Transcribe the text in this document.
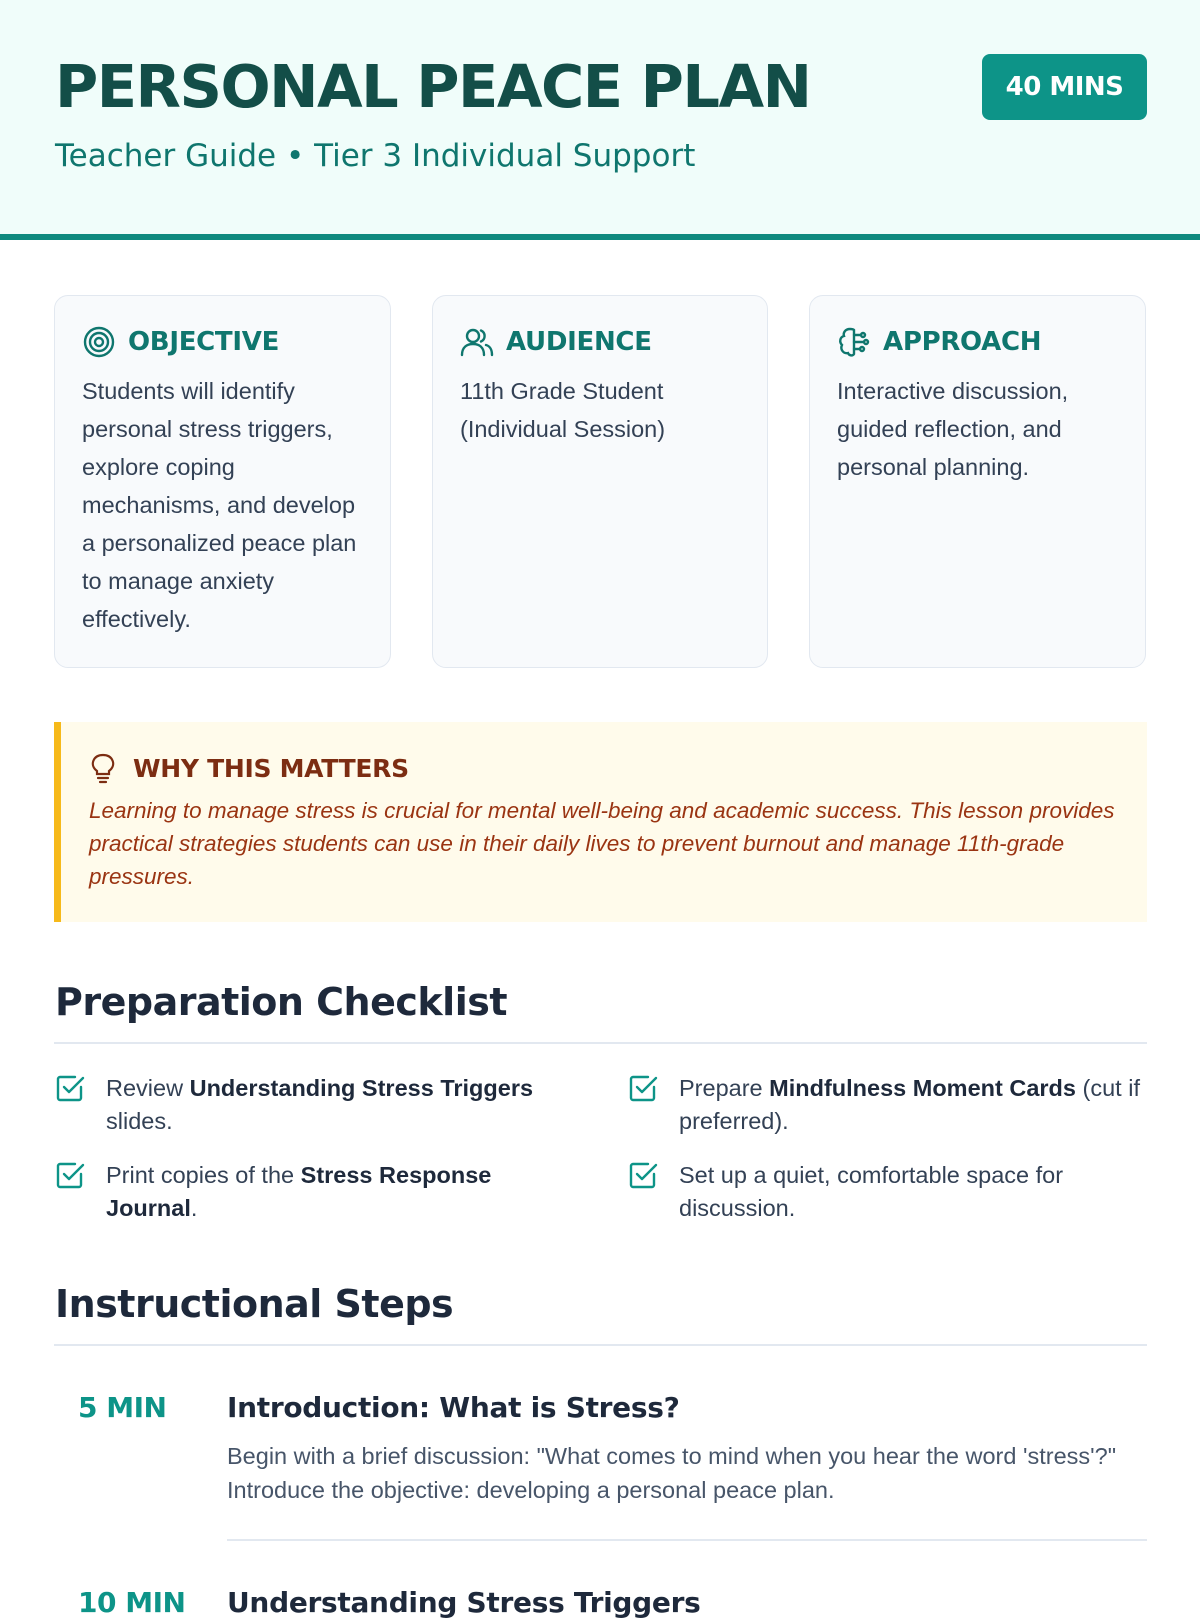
PERSONAL PEACE PLAN
Teacher Guide • Tier 3 Individual Support
40 MINS
OBJECTIVE
Students will identify personal stress triggers, explore coping mechanisms, and develop a personalized peace plan to manage anxiety effectively.
AUDIENCE
11th Grade Student (Individual Session)
APPROACH
Interactive discussion, guided reflection, and personal planning.
WHY THIS MATTERS
Learning to manage stress is crucial for mental well-being and academic success. This lesson provides practical strategies students can use in their daily lives to prevent burnout and manage 11th-grade pressures.
Preparation Checklist
Review Understanding Stress Triggers slides.
Prepare Mindfulness Moment Cards (cut if preferred).
Print copies of the Stress Response Journal.
Set up a quiet, comfortable space for discussion.
Instructional Steps
5 MIN Introduction: What is Stress?
Begin with a brief discussion: "What comes to mind when you hear the word 'stress'?" Introduce the objective: developing a personal peace plan.
10 MIN Understanding Stress Triggers
